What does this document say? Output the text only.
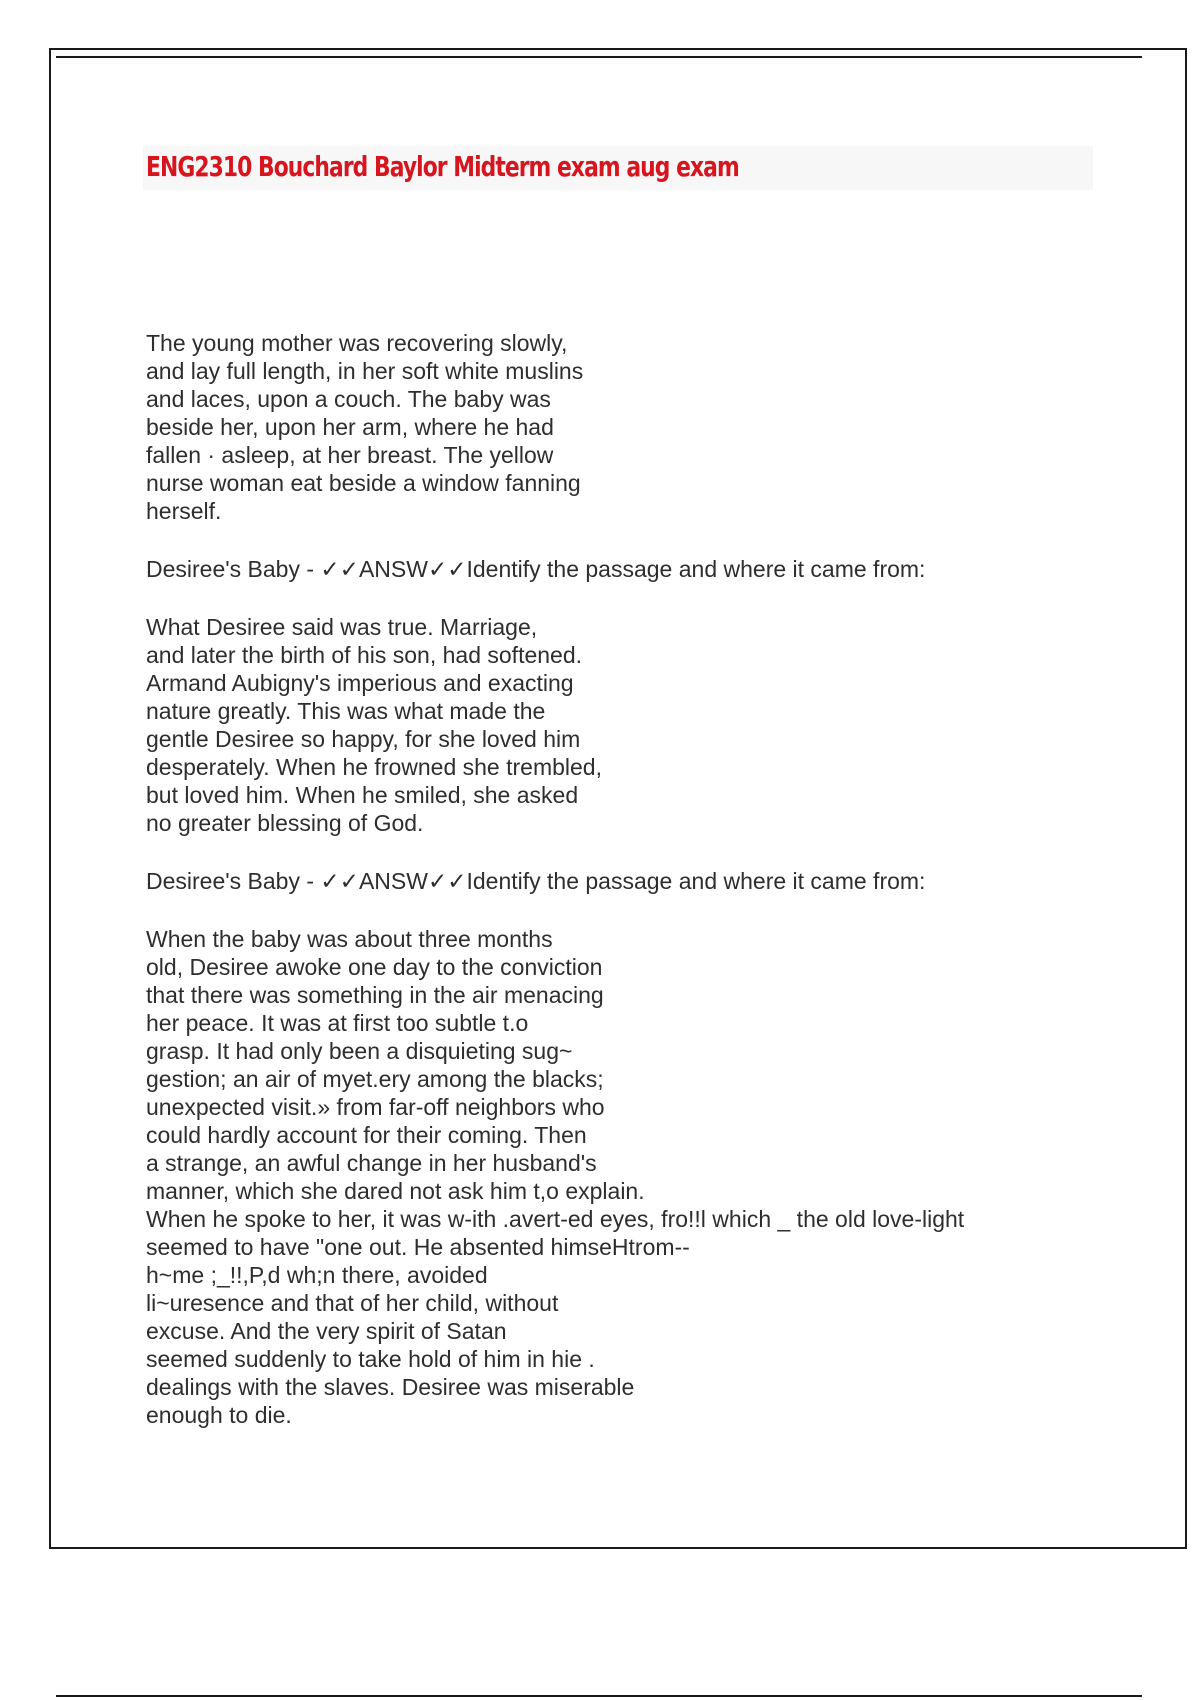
ENG2310 Bouchard Baylor Midterm exam aug exam
The young mother was recovering slowly,
and lay full length, in her soft white muslins
and laces, upon a couch. The baby was
beside her, upon her arm, where he had
fallen · asleep, at her breast. The yellow
nurse woman eat beside a window fanning
herself.
Desiree's Baby - ✓✓ANSW✓✓Identify the passage and where it came from:
What Desiree said was true. Marriage,
and later the birth of his son, had softened.
Armand Aubigny's imperious and exacting
nature greatly. This was what made the
gentle Desiree so happy, for she loved him
desperately. When he frowned she trembled,
but loved him. When he smiled, she asked
no greater blessing of God.
Desiree's Baby - ✓✓ANSW✓✓Identify the passage and where it came from:
When the baby was about three months
old, Desiree awoke one day to the conviction
that there was something in the air menacing
her peace. It was at first too subtle t.o
grasp. It had only been a disquieting sug~
gestion; an air of myet.ery among the blacks;
unexpected visit.» from far-off neighbors who
could hardly account for their coming. Then
a strange, an awful change in her husband's
manner, which she dared not ask him t,o explain.
When he spoke to her, it was w-ith .avert-ed eyes, fro!!l which _ the old love-light
seemed to have "one out. He absented himseHtrom--
h~me ;_!!,P,d wh;n there, avoided
li~uresence and that of her child, without
excuse. And the very spirit of Satan
seemed suddenly to take hold of him in hie .
dealings with the slaves. Desiree was miserable
enough to die.
